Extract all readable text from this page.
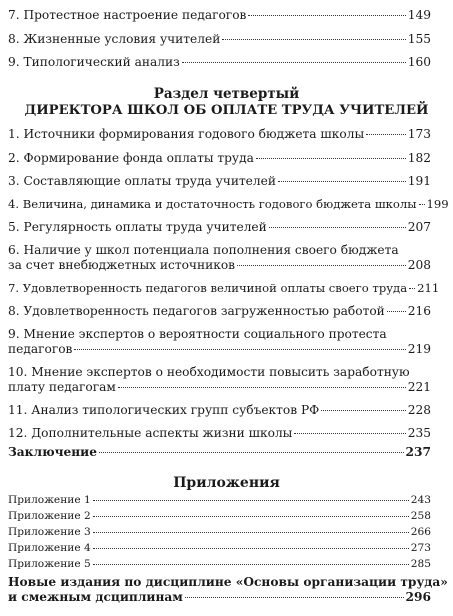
7. Протестное настроение педагогов	149
8. Жизненные условия учителей	155
9. Типологический анализ	160
Раздел четвертый
ДИРЕКТОРА ШКОЛ ОБ ОПЛАТЕ ТРУДА УЧИТЕЛЕЙ
1. Источники формирования годового бюджета школы	173
2. Формирование фонда оплаты труда	182
3. Составляющие оплаты труда учителей	191
4. Величина, динамика и достаточность годового бюджета школы 199
5. Регулярность оплаты труда учителей	207
6. Наличие у школ потенциала пополнения своего бюджета
за счет внебюджетных источников	208
7. Удовлетворенность педагогов величиной оплаты своего труда 211
8. Удовлетворенность педагогов загруженностью работой 216
9. Мнение экспертов о вероятности социального протеста
педагогов	219
10. Мнение экспертов о необходимости повысить заработную
плату педагогам	221
11. Анализ типологических групп субъектов РФ	228
12. Дополнительные аспекты жизни школы	235
Заключение	237
Приложения
Приложение 1	243
Приложение 2	258
Приложение 3	266
Приложение 4	273
Приложение 5	285
Новые издания по дисциплине «Основы организации труда»
и смежным дсциплинам	296
